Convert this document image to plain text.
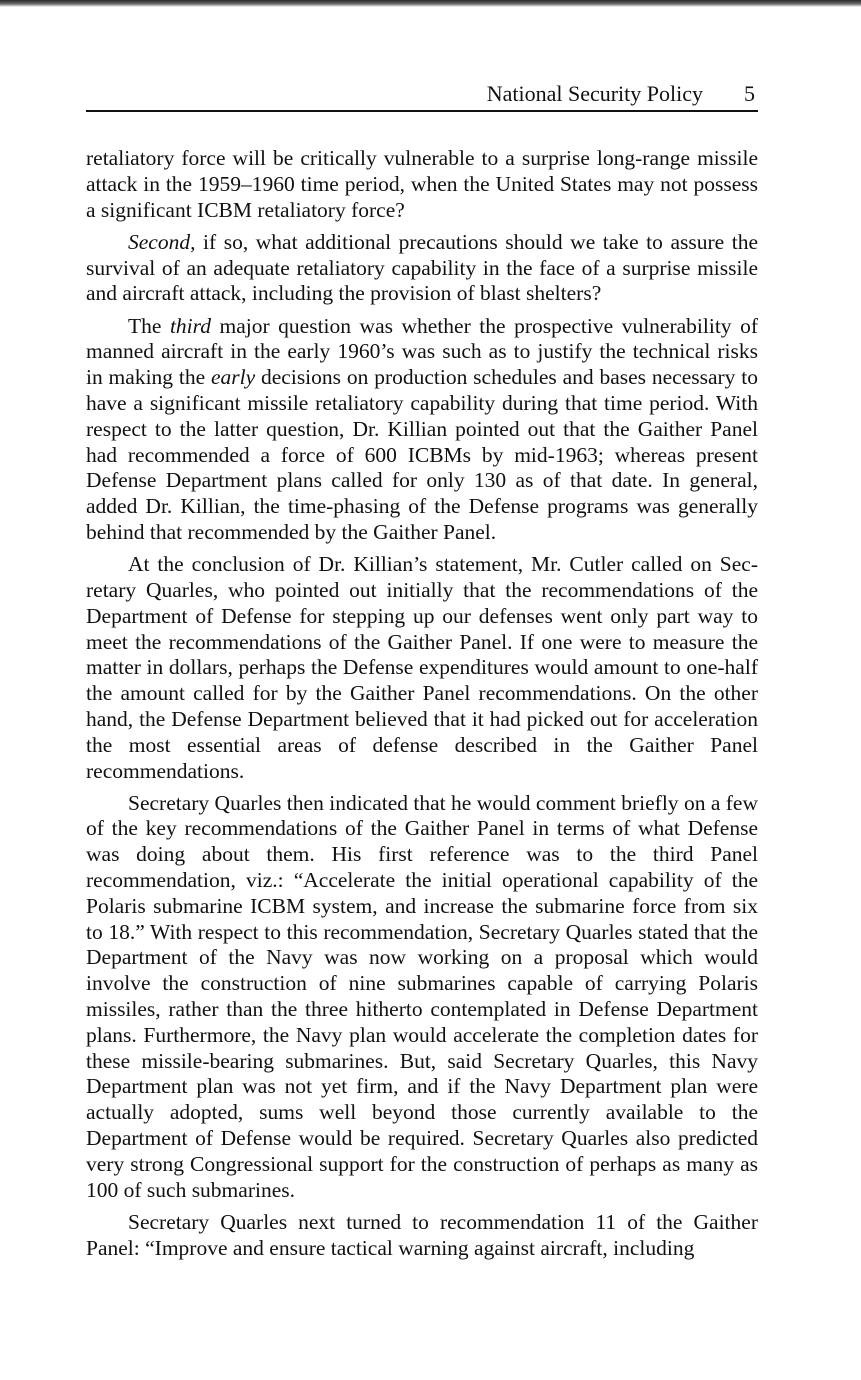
National Security Policy 5

retaliatory force will be critically vulnerable to a surprise long-range missile attack in the 1959–1960 time period, when the United States may not possess a significant ICBM retaliatory force?

Second, if so, what additional precautions should we take to assure the survival of an adequate retaliatory capability in the face of a surprise missile and aircraft attack, including the provision of blast shelters?

The third major question was whether the prospective vulnerability of manned aircraft in the early 1960’s was such as to justify the technical risks in making the early decisions on production schedules and bases necessary to have a significant missile retaliatory capability during that time period. With respect to the latter question, Dr. Killian pointed out that the Gaither Panel had recommended a force of 600 ICBMs by mid-1963; whereas present Defense Department plans called for only 130 as of that date. In general, added Dr. Killian, the time-phasing of the Defense programs was generally behind that recommended by the Gaither Panel.

At the conclusion of Dr. Killian’s statement, Mr. Cutler called on Secretary Quarles, who pointed out initially that the recommendations of the Department of Defense for stepping up our defenses went only part way to meet the recommendations of the Gaither Panel. If one were to measure the matter in dollars, perhaps the Defense expenditures would amount to one-half the amount called for by the Gaither Panel recommendations. On the other hand, the Defense Department believed that it had picked out for acceleration the most essential areas of defense described in the Gaither Panel recommendations.

Secretary Quarles then indicated that he would comment briefly on a few of the key recommendations of the Gaither Panel in terms of what Defense was doing about them. His first reference was to the third Panel recommendation, viz.: “Accelerate the initial operational capability of the Polaris submarine ICBM system, and increase the submarine force from six to 18.” With respect to this recommendation, Secretary Quarles stated that the Department of the Navy was now working on a proposal which would involve the construction of nine submarines capable of carrying Polaris missiles, rather than the three hitherto contemplated in Defense Department plans. Furthermore, the Navy plan would accelerate the completion dates for these missile-bearing submarines. But, said Secretary Quarles, this Navy Department plan was not yet firm, and if the Navy Department plan were actually adopted, sums well beyond those currently available to the Department of Defense would be required. Secretary Quarles also predicted very strong Congressional support for the construction of perhaps as many as 100 of such submarines.

Secretary Quarles next turned to recommendation 11 of the Gaither Panel: “Improve and ensure tactical warning against aircraft, including
